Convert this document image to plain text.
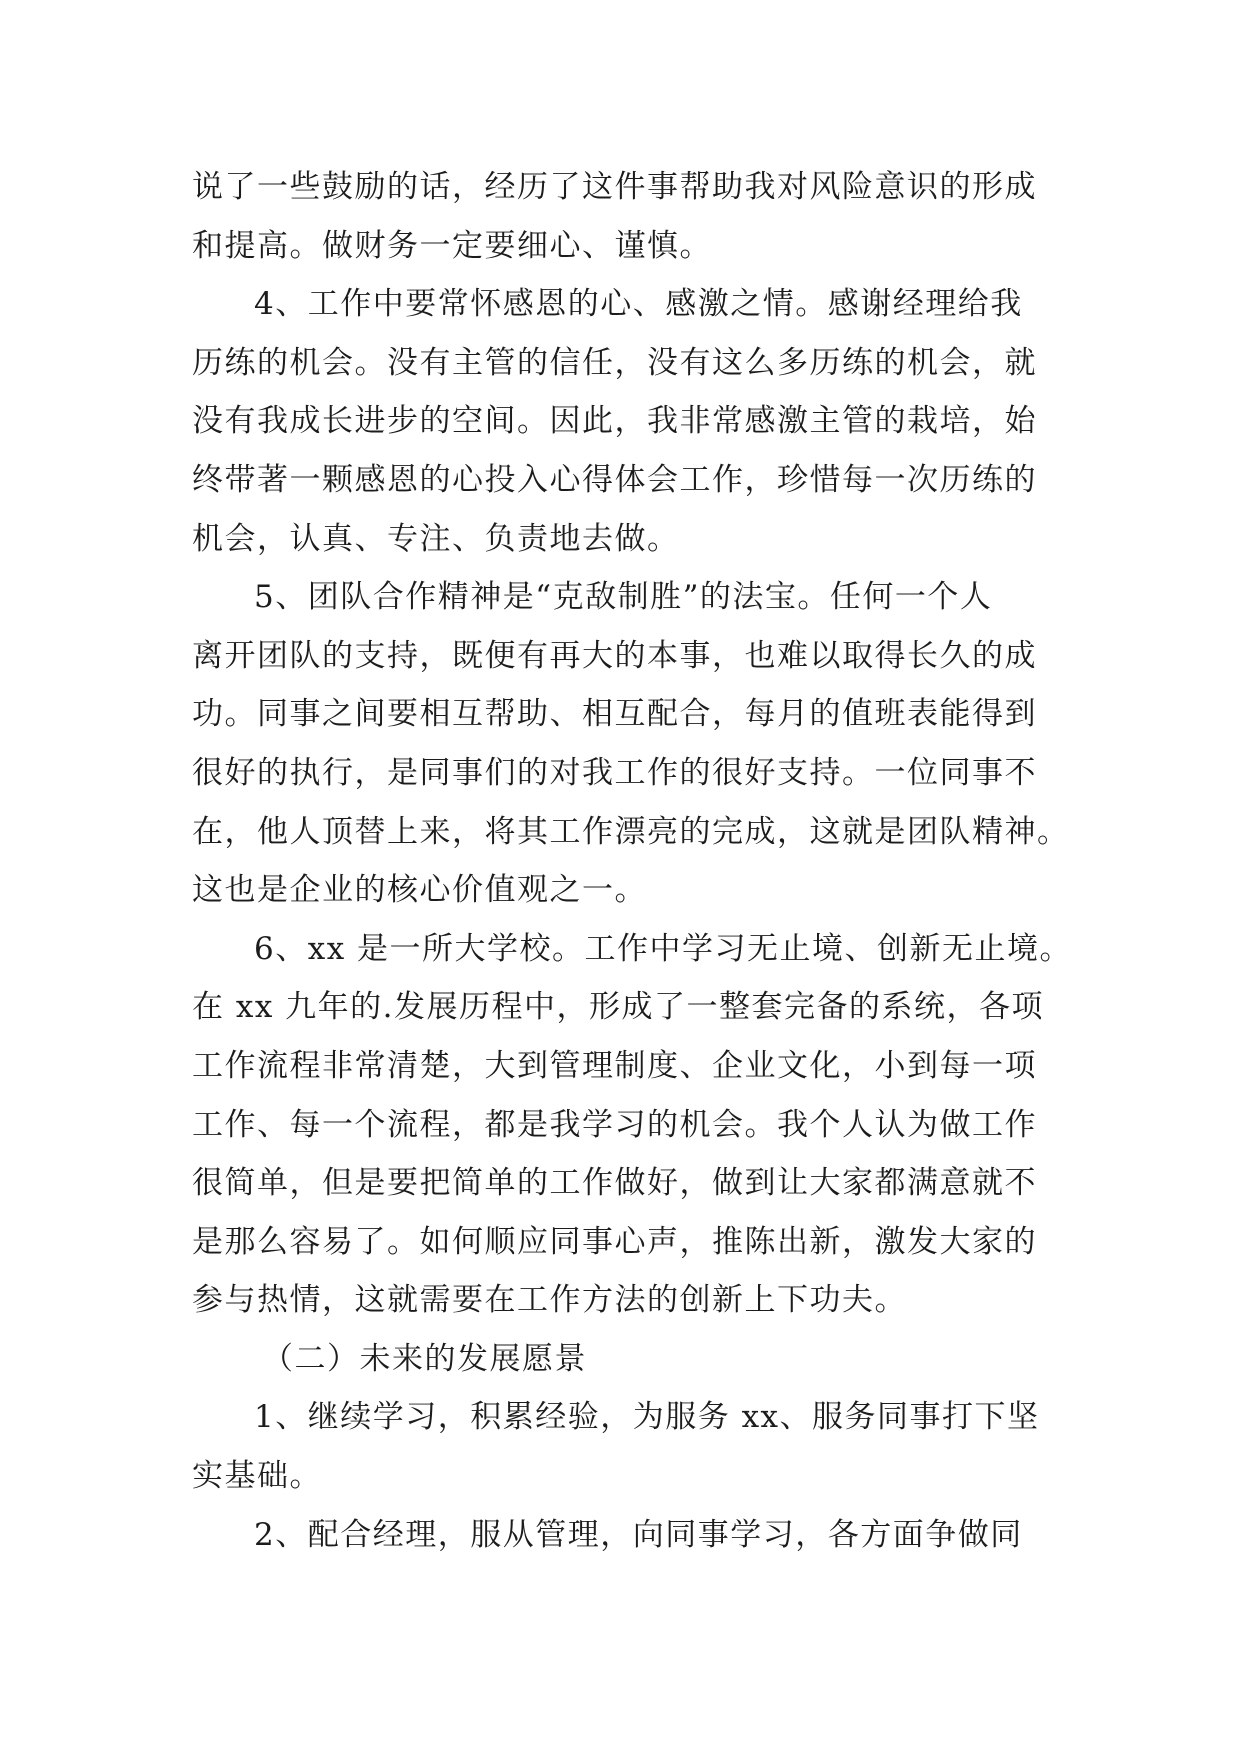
说了一些鼓励的话，经历了这件事帮助我对风险意识的形成
和提高。做财务一定要细心、谨慎。
4、工作中要常怀感恩的心、感激之情。感谢经理给我
历练的机会。没有主管的信任，没有这么多历练的机会，就
没有我成长进步的空间。因此，我非常感激主管的栽培，始
终带著一颗感恩的心投入心得体会工作，珍惜每一次历练的
机会，认真、专注、负责地去做。
5、团队合作精神是“克敌制胜”的法宝。任何一个人
离开团队的支持，既便有再大的本事，也难以取得长久的成
功。同事之间要相互帮助、相互配合，每月的值班表能得到
很好的执行，是同事们的对我工作的很好支持。一位同事不
在，他人顶替上来，将其工作漂亮的完成，这就是团队精神。
这也是企业的核心价值观之一。
6、xx 是一所大学校。工作中学习无止境、创新无止境。
在 xx 九年的.发展历程中，形成了一整套完备的系统，各项
工作流程非常清楚，大到管理制度、企业文化，小到每一项
工作、每一个流程，都是我学习的机会。我个人认为做工作
很简单，但是要把简单的工作做好，做到让大家都满意就不
是那么容易了。如何顺应同事心声，推陈出新，激发大家的
参与热情，这就需要在工作方法的创新上下功夫。
（二）未来的发展愿景
1、继续学习，积累经验，为服务 xx、服务同事打下坚
实基础。
2、配合经理，服从管理，向同事学习，各方面争做同
